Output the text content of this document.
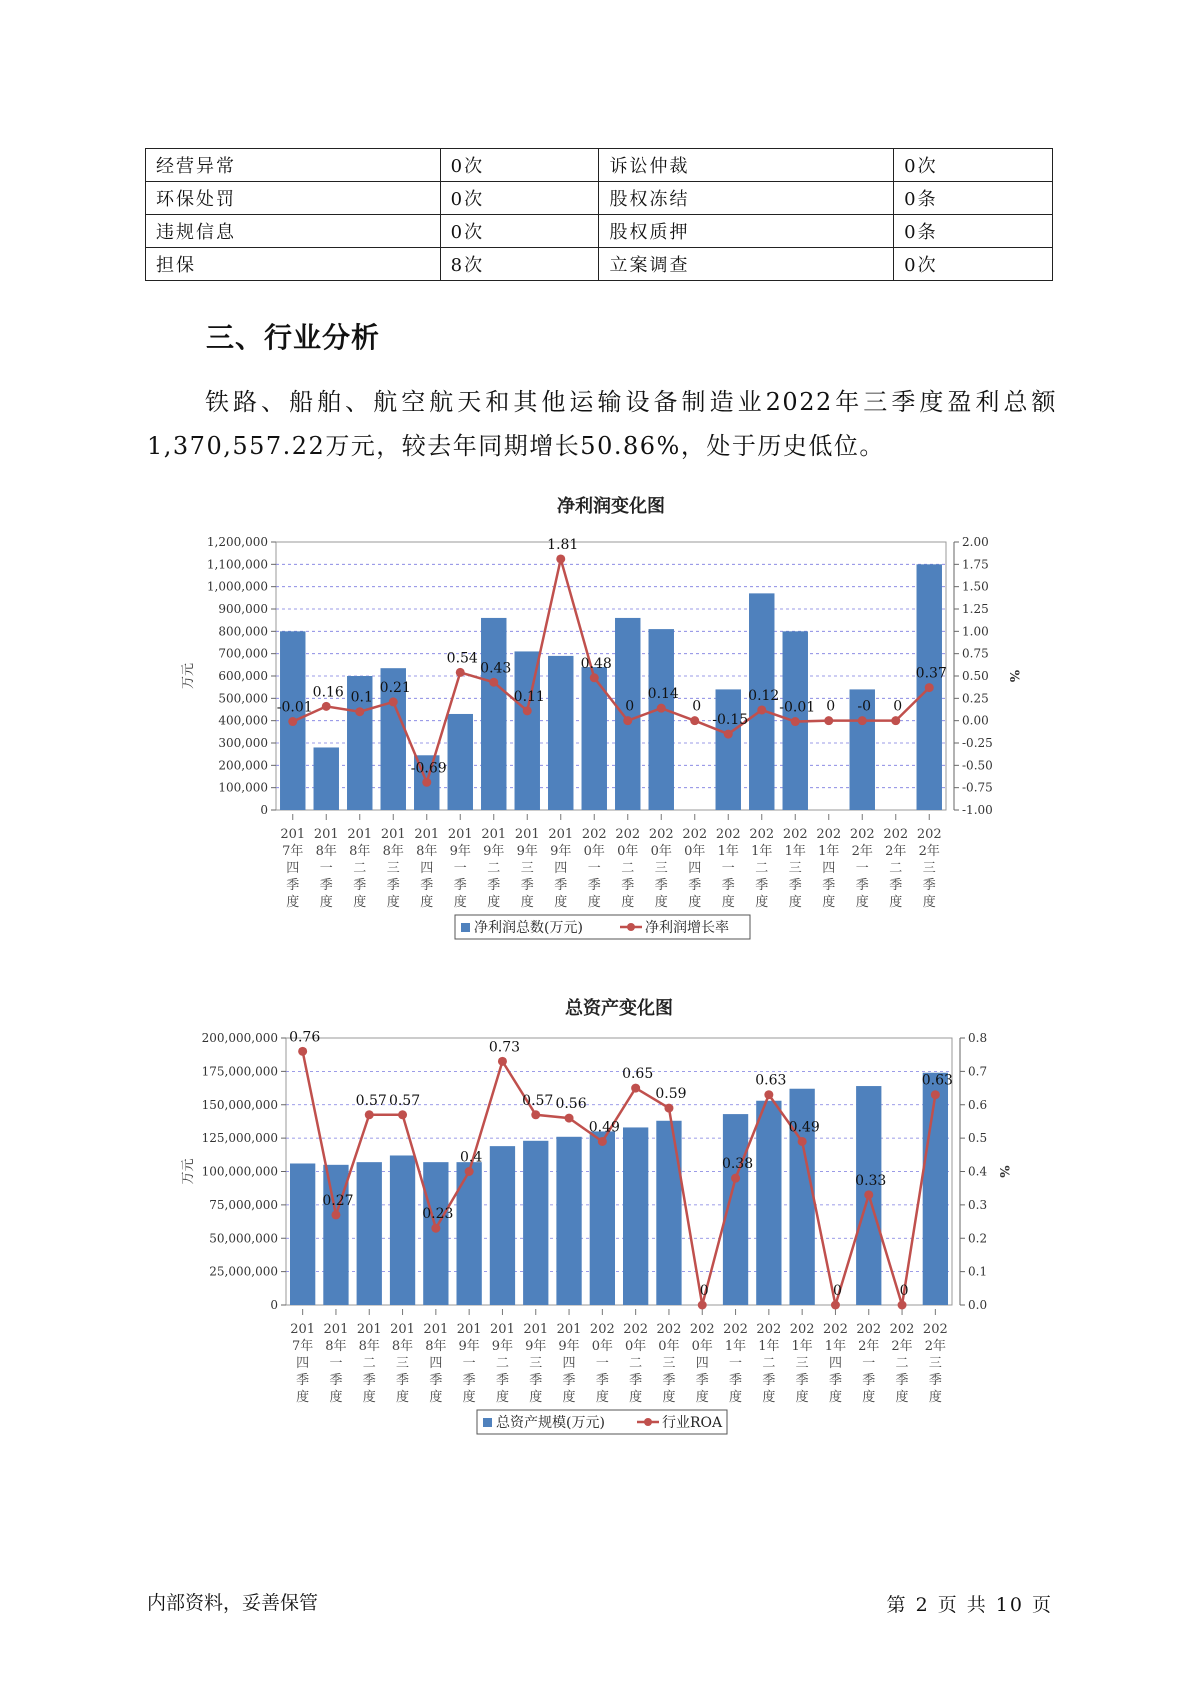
经营异常	0次	诉讼仲裁	0次
环保处罚	0次	股权冻结	0条
违规信息	0次	股权质押	0条
担保	8次	立案调查	0次
三、行业分析
铁路、船舶、航空航天和其他运输设备制造业2022年三季度盈利总额1,370,557.22万元，较去年同期增长50.86%，处于历史低位。
净利润变化图
0
100,000
200,000
300,000
400,000
500,000
600,000
700,000
800,000
900,000
1,000,000
1,100,000
1,200,000
-1.00
-0.75
-0.50
-0.25
0.00
0.25
0.50
0.75
1.00
1.25
1.50
1.75
2.00
万元	%
201 7年四季度
201 8年一季度
201 8年二季度
201 8年三季度
201 8年四季度
201 9年一季度
201 9年二季度
201 9年三季度
201 9年四季度
202 0年一季度
202 0年二季度
202 0年三季度
202 0年四季度
202 1年一季度
202 1年二季度
202 1年三季度
202 1年四季度
202 2年一季度
202 2年二季度
202 2年三季度
-0.01
0.16 0.1
0.21
-0.69
0.54
0.43
0.11
1.81
0.48
0
0.14
0
-0.15
0.12
-0.01 0 -0 0
0.37
净利润总数(万元)	净利润增长率
总资产变化图
0
25,000,000
50,000,000
75,000,000
100,000,000
125,000,000
150,000,000
175,000,000
200,000,000
0.0
0.1
0.2
0.3
0.4
0.5
0.6
0.7
0.8
万元	%
201 7年四季度
201 8年一季度
201 8年二季度
201 8年三季度
201 8年四季度
201 9年一季度
201 9年二季度
201 9年三季度
201 9年四季度
202 0年一季度
202 0年二季度
202 0年三季度
202 0年四季度
202 1年一季度
202 1年二季度
202 1年三季度
202 1年四季度
202 2年一季度
202 2年二季度
202 2年三季度
0.76
0.27
0.57 0.57
0.23
0.4
0.73
0.57 0.56
0.49
0.65
0.59
0
0.38
0.63
0.49
0
0.33
0
0.63
总资产规模(万元)	行业ROA
内部资料，妥善保管	第 2 页 共 10 页
